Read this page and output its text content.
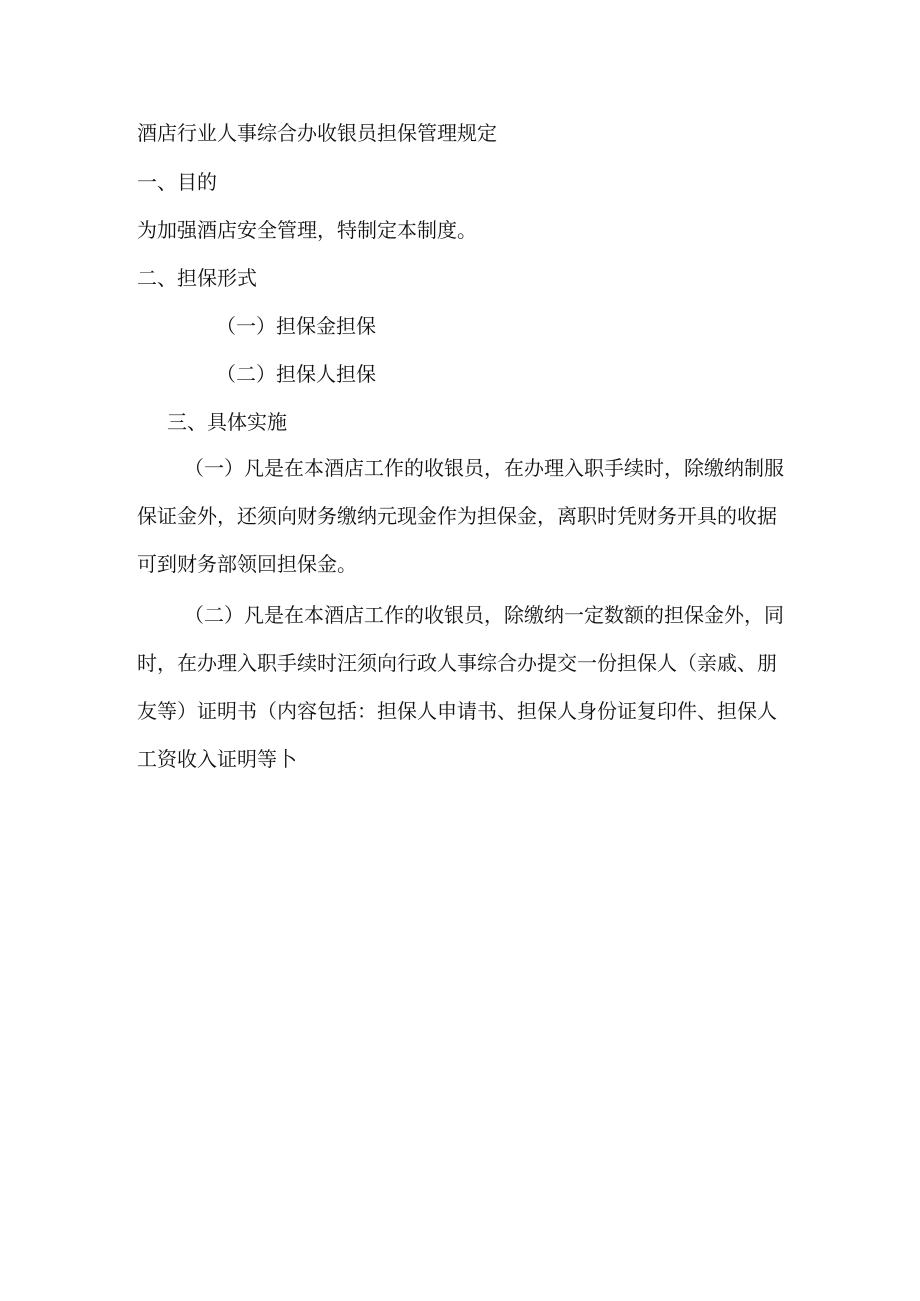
酒店行业人事综合办收银员担保管理规定
一、目的
为加强酒店安全管理，特制定本制度。
二、担保形式
（一）担保金担保
（二）担保人担保
三、具体实施
（一）凡是在本酒店工作的收银员，在办理入职手续时，除缴纳制服
保证金外，还须向财务缴纳元现金作为担保金，离职时凭财务开具的收据
可到财务部领回担保金。
（二）凡是在本酒店工作的收银员，除缴纳一定数额的担保金外，同
时，在办理入职手续时汪须向行政人事综合办提交一份担保人（亲戚、朋
友等）证明书（内容包括：担保人申请书、担保人身份证复印件、担保人
工资收入证明等卜
